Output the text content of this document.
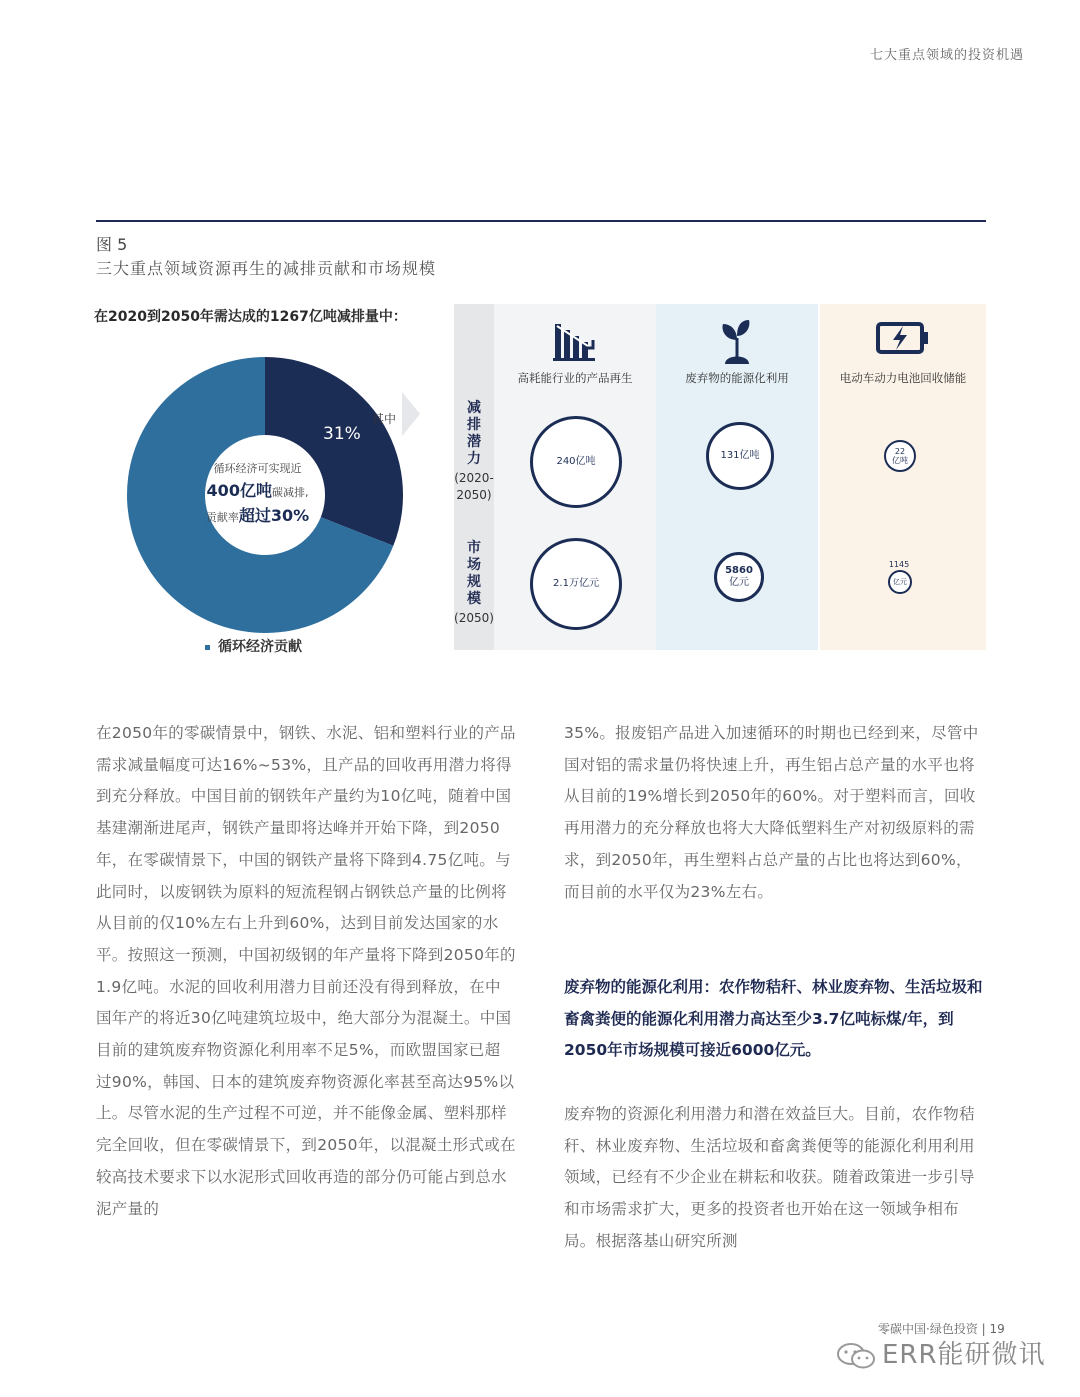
七大重点领域的投资机遇
图 5
三大重点领域资源再生的减排贡献和市场规模
在2020到2050年需达成的1267亿吨减排量中：
31%
其中
循环经济可实现近
400亿吨碳减排,
贡献率超过30%
循环经济贡献
减排潜力
(2020-2050)
市场规模
(2050)
高耗能行业的产品再生
240亿吨
2.1万亿元
废弃物的能源化利用
131亿吨
5860
亿元
电动车动力电池回收储能
22
亿吨
1145
亿元
在2050年的零碳情景中，钢铁、水泥、铝和塑料行业的产品需求减量幅度可达16%~53%，且产品的回收再用潜力将得到充分释放。中国目前的钢铁年产量约为10亿吨，随着中国基建潮渐进尾声，钢铁产量即将达峰并开始下降，到2050年，在零碳情景下，中国的钢铁产量将下降到4.75亿吨。与此同时，以废钢铁为原料的短流程钢占钢铁总产量的比例将从目前的仅10%左右上升到60%，达到目前发达国家的水平。按照这一预测，中国初级钢的年产量将下降到2050年的1.9亿吨。水泥的回收利用潜力目前还没有得到释放，在中国年产的将近30亿吨建筑垃圾中，绝大部分为混凝土。中国目前的建筑废弃物资源化利用率不足5%，而欧盟国家已超过90%，韩国、日本的建筑废弃物资源化率甚至高达95%以上。尽管水泥的生产过程不可逆，并不能像金属、塑料那样完全回收，但在零碳情景下，到2050年，以混凝土形式或在较高技术要求下以水泥形式回收再造的部分仍可能占到总水泥产量的
35%。报废铝产品进入加速循环的时期也已经到来，尽管中国对铝的需求量仍将快速上升，再生铝占总产量的水平也将从目前的19%增长到2050年的60%。对于塑料而言，回收再用潜力的充分释放也将大大降低塑料生产对初级原料的需求，到2050年，再生塑料占总产量的占比也将达到60%，而目前的水平仅为23%左右。
废弃物的能源化利用：农作物秸秆、林业废弃物、生活垃圾和畜禽粪便的能源化利用潜力高达至少3.7亿吨标煤/年，到2050年市场规模可接近6000亿元。
废弃物的资源化利用潜力和潜在效益巨大。目前，农作物秸秆、林业废弃物、生活垃圾和畜禽粪便等的能源化利用利用领域，已经有不少企业在耕耘和收获。随着政策进一步引导和市场需求扩大，更多的投资者也开始在这一领域争相布局。根据落基山研究所测
零碳中国·绿色投资 | 19
ERR能研微讯
